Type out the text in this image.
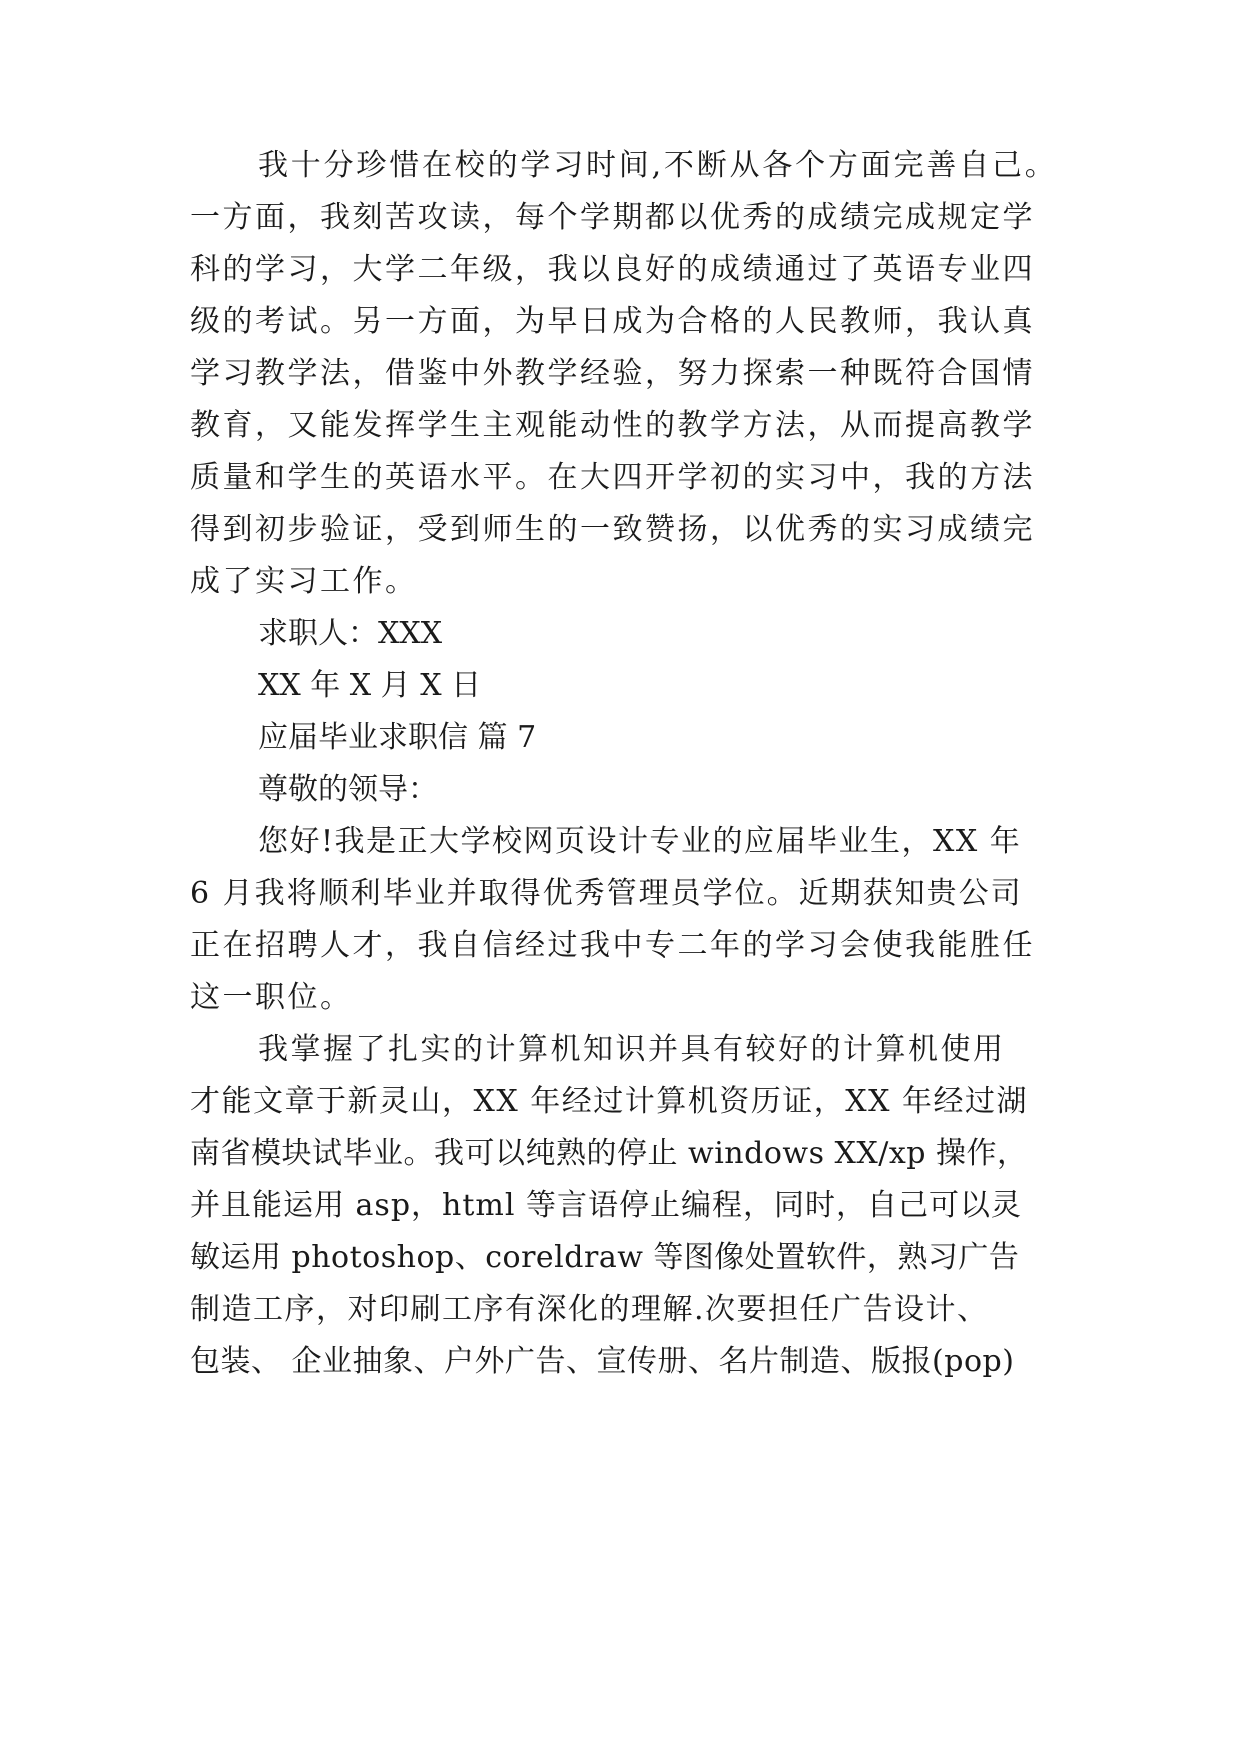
我十分珍惜在校的学习时间,不断从各个方面完善自己。

一方面，我刻苦攻读，每个学期都以优秀的成绩完成规定学

科的学习，大学二年级，我以良好的成绩通过了英语专业四

级的考试。另一方面，为早日成为合格的人民教师，我认真

学习教学法，借鉴中外教学经验，努力探索一种既符合国情

教育，又能发挥学生主观能动性的教学方法，从而提高教学

质量和学生的英语水平。在大四开学初的实习中，我的方法

得到初步验证，受到师生的一致赞扬，以优秀的实习成绩完

成了实习工作。

求职人：XXX

XX 年 X 月 X 日

应届毕业求职信 篇 7

尊敬的领导：

您好!我是正大学校网页设计专业的应届毕业生，XX 年

6 月我将顺利毕业并取得优秀管理员学位。近期获知贵公司

正在招聘人才，我自信经过我中专二年的学习会使我能胜任

这一职位。

我掌握了扎实的计算机知识并具有较好的计算机使用

才能文章于新灵山，XX 年经过计算机资历证，XX 年经过湖

南省模块试毕业。我可以纯熟的停止 windows XX/xp 操作，

并且能运用 asp，html 等言语停止编程，同时，自己可以灵

敏运用 photoshop、coreldraw 等图像处置软件，熟习广告

制造工序，对印刷工序有深化的理解.次要担任广告设计、

包装、 企业抽象、户外广告、宣传册、名片制造、版报(pop)
